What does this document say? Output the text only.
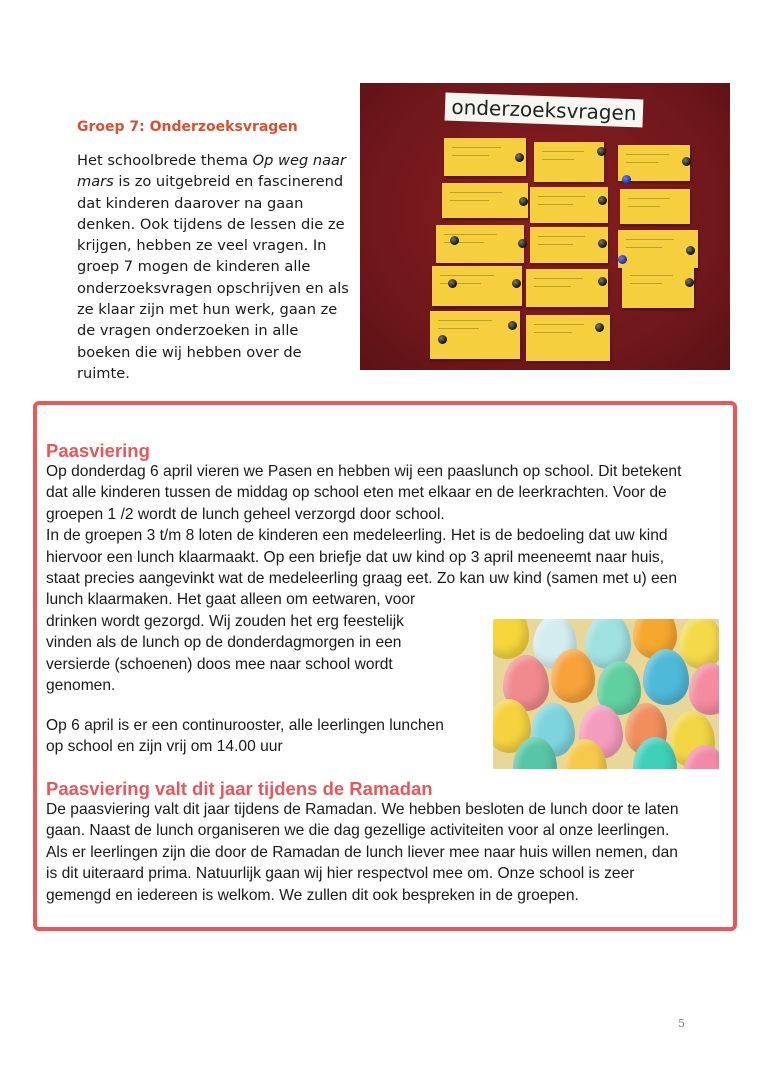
Groep 7: Onderzoeksvragen
Het schoolbrede thema Op weg naar mars is zo uitgebreid en fascinerend dat kinderen daarover na gaan denken. Ook tijdens de lessen die ze krijgen, hebben ze veel vragen. In groep 7 mogen de kinderen alle onderzoeksvragen opschrijven en als ze klaar zijn met hun werk, gaan ze de vragen onderzoeken in alle boeken die wij hebben over de ruimte.
onderzoeksvragen
Paasviering
Op donderdag 6 april vieren we Pasen en hebben wij een paaslunch op school. Dit betekent
dat alle kinderen tussen de middag op school eten met elkaar en de leerkrachten. Voor de
groepen 1 /2 wordt de lunch geheel verzorgd door school.
In de groepen 3 t/m 8 loten de kinderen een medeleerling. Het is de bedoeling dat uw kind
hiervoor een lunch klaarmaakt. Op een briefje dat uw kind op 3 april meeneemt naar huis,
staat precies aangevinkt wat de medeleerling graag eet. Zo kan uw kind (samen met u) een
lunch klaarmaken. Het gaat alleen om eetwaren, voor
drinken wordt gezorgd. Wij zouden het erg feestelijk
vinden als de lunch op de donderdagmorgen in een
versierde (schoenen) doos mee naar school wordt
genomen.
Op 6 april is er een continurooster, alle leerlingen lunchen
op school en zijn vrij om 14.00 uur
Paasviering valt dit jaar tijdens de Ramadan
De paasviering valt dit jaar tijdens de Ramadan. We hebben besloten de lunch door te laten
gaan. Naast de lunch organiseren we die dag gezellige activiteiten voor al onze leerlingen.
Als er leerlingen zijn die door de Ramadan de lunch liever mee naar huis willen nemen, dan
is dit uiteraard prima. Natuurlijk gaan wij hier respectvol mee om. Onze school is zeer
gemengd en iedereen is welkom. We zullen dit ook bespreken in de groepen.
5
